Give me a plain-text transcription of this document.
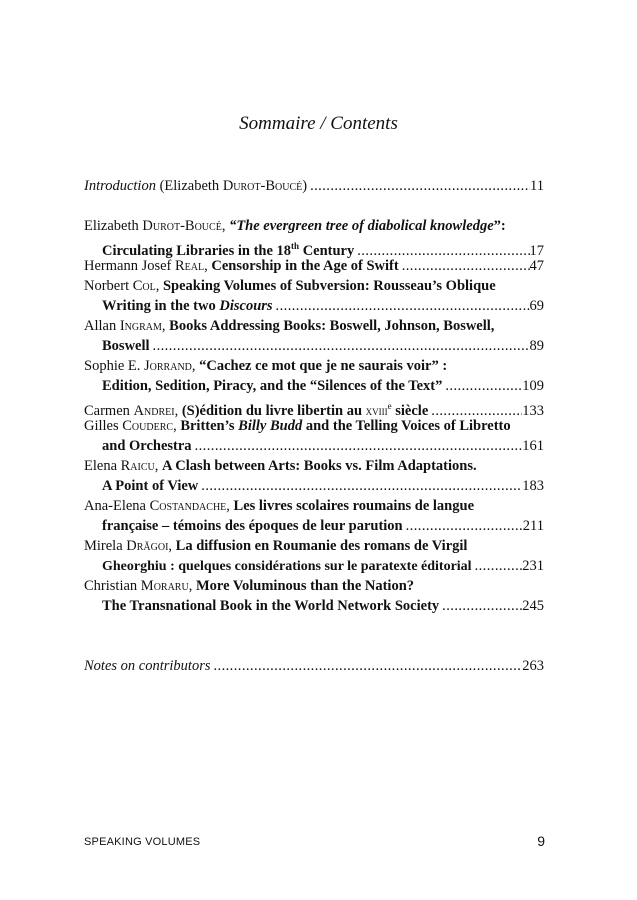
Sommaire / Contents
Introduction (Elizabeth Durot-Boucé) . . .	11
Elizabeth Durot-Boucé, “The evergreen tree of diabolical knowledge”:
Circulating Libraries in the 18th Century . . .	17
Hermann Josef Real, Censorship in the Age of Swift . . .	47
Norbert Col, Speaking Volumes of Subversion: Rousseau’s Oblique
Writing in the two Discours . . .	69
Allan Ingram, Books Addressing Books: Boswell, Johnson, Boswell,
Boswell . . .	89
Sophie E. Jorrand, “Cachez ce mot que je ne saurais voir” :
Edition, Sedition, Piracy, and the “Silences of the Text” . . .	109
Carmen Andrei, (S)édition du livre libertin au xviii$^e$ siècle . . .	133
Gilles Couderc, Britten’s Billy Budd and the Telling Voices of Libretto
and Orchestra . . .	161
Elena Raicu, A Clash between Arts: Books vs. Film Adaptations.
A Point of View . . .	183
Ana-Elena Costandache, Les livres scolaires roumains de langue
française – témoins des époques de leur parution . . .	211
Mirela Drăgoi, La diffusion en Roumanie des romans de Virgil
Gheorghiu : quelques considérations sur le paratexte éditorial . . .	231
Christian Moraru, More Voluminous than the Nation?
The Transnational Book in the World Network Society . . .	245
Notes on contributors . . .	263
SPEAKING VOLUMES	9
